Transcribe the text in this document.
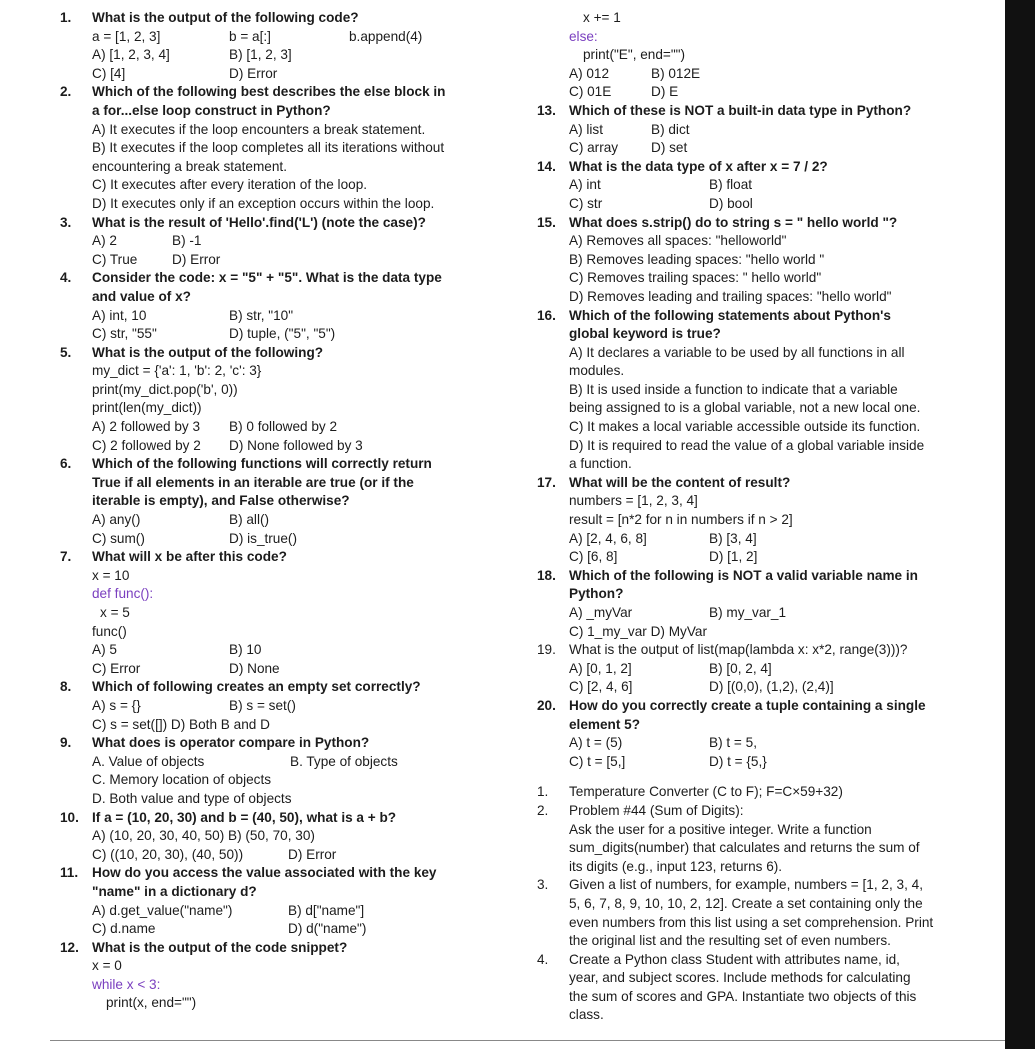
1. What is the output of the following code?
a = [1, 2, 3]	b = a[:]	b.append(4)
A) [1, 2, 3, 4]	B) [1, 2, 3]
C) [4]	D) Error
2. Which of the following best describes the else block in
a for...else loop construct in Python?
A) It executes if the loop encounters a break statement.
B) It executes if the loop completes all its iterations without
encountering a break statement.
C) It executes after every iteration of the loop.
D) It executes only if an exception occurs within the loop.
3. What is the result of 'Hello'.find('L') (note the case)?
A) 2	B) -1
C) True	D) Error
4. Consider the code: x = "5" + "5". What is the data type
and value of x?
A) int, 10	B) str, "10"
C) str, "55"	D) tuple, ("5", "5")
5. What is the output of the following?
my_dict = {'a': 1, 'b': 2, 'c': 3}
print(my_dict.pop('b', 0))
print(len(my_dict))
A) 2 followed by 3	B) 0 followed by 2
C) 2 followed by 2	D) None followed by 3
6. Which of the following functions will correctly return
True if all elements in an iterable are true (or if the
iterable is empty), and False otherwise?
A) any()	B) all()
C) sum()	D) is_true()
7. What will x be after this code?
x = 10
def func():
x = 5
func()
A) 5	B) 10
C) Error	D) None
8. Which of following creates an empty set correctly?
A) s = {}	B) s = set()
C) s = set([]) D) Both B and D
9. What does is operator compare in Python?
A. Value of objects	B. Type of objects
C. Memory location of objects
D. Both value and type of objects
10. If a = (10, 20, 30) and b = (40, 50), what is a + b?
A) (10, 20, 30, 40, 50) B) (50, 70, 30)
C) ((10, 20, 30), (40, 50))	D) Error
11. How do you access the value associated with the key
"name" in a dictionary d?
A) d.get_value("name")	B) d["name"]
C) d.name	D) d("name")
12. What is the output of the code snippet?
x = 0
while x < 3:
print(x, end="")
x += 1
else:
print("E", end="")
A) 012	B) 012E
C) 01E	D) E
13. Which of these is NOT a built-in data type in Python?
A) list	B) dict
C) array	D) set
14. What is the data type of x after x = 7 / 2?
A) int	B) float
C) str	D) bool
15. What does s.strip() do to string s = " hello world "?
A) Removes all spaces: "helloworld"
B) Removes leading spaces: "hello world "
C) Removes trailing spaces: " hello world"
D) Removes leading and trailing spaces: "hello world"
16. Which of the following statements about Python's
global keyword is true?
A) It declares a variable to be used by all functions in all
modules.
B) It is used inside a function to indicate that a variable
being assigned to is a global variable, not a new local one.
C) It makes a local variable accessible outside its function.
D) It is required to read the value of a global variable inside
a function.
17. What will be the content of result?
numbers = [1, 2, 3, 4]
result = [n*2 for n in numbers if n > 2]
A) [2, 4, 6, 8]	B) [3, 4]
C) [6, 8]	D) [1, 2]
18. Which of the following is NOT a valid variable name in
Python?
A) _myVar	B) my_var_1
C) 1_my_var D) MyVar
19. What is the output of list(map(lambda x: x*2, range(3)))?
A) [0, 1, 2]	B) [0, 2, 4]
C) [2, 4, 6]	D) [(0,0), (1,2), (2,4)]
20. How do you correctly create a tuple containing a single
element 5?
A) t = (5)	B) t = 5,
C) t = [5,]	D) t = {5,}
1. Temperature Converter (C to F); F=C×59+32)
2. Problem #44 (Sum of Digits):
Ask the user for a positive integer. Write a function
sum_digits(number) that calculates and returns the sum of
its digits (e.g., input 123, returns 6).
3. Given a list of numbers, for example, numbers = [1, 2, 3, 4,
5, 6, 7, 8, 9, 10, 10, 2, 12]. Create a set containing only the
even numbers from this list using a set comprehension. Print
the original list and the resulting set of even numbers.
4. Create a Python class Student with attributes name, id,
year, and subject scores. Include methods for calculating
the sum of scores and GPA. Instantiate two objects of this
class.
